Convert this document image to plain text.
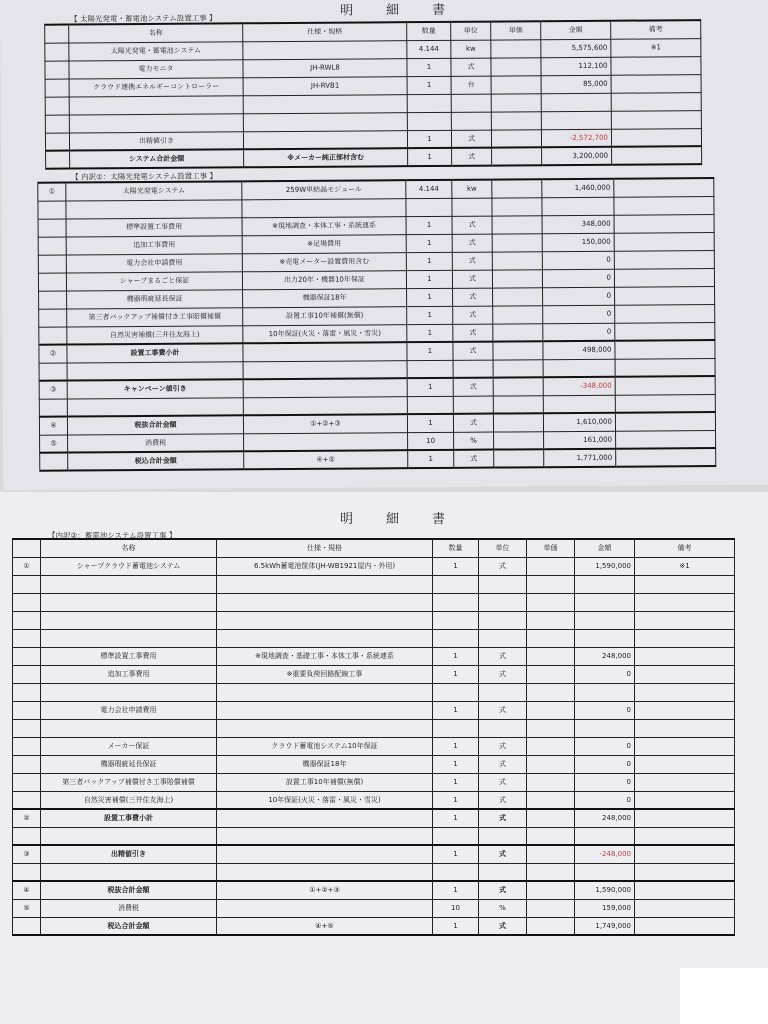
明　細　書
【 太陽光発電・蓄電池システム設置工事 】
	名称	仕様・規格	数量	単位	単価	金額	備考
	太陽光発電・蓄電池システム		4.144	kw		5,575,600	※1
	電力モニタ	JH-RWL8	1	式		112,100	
	クラウド連携エネルギーコントローラー	JH-RVB1	1	台		85,000	

	出精値引き		1	式		-2,572,700	
	システム合計金額	※メーカー純正部材含む	1	式		3,200,000	
【 内訳①：太陽光発電システム設置工事 】
①	太陽光発電システム	259W単結晶モジュール	4.144	kw		1,460,000	

	標準設置工事費用	※現地調査・本体工事・系統連系	1	式		348,000	
	追加工事費用	※足場費用	1	式		150,000	
	電力会社申請費用	※売電メーター設置費用含む	1	式		0	
	シャープまるごと保証	出力20年・機器10年保証	1	式		0	
	機器瑕疵延長保証	機器保証18年	1	式		0	
	第三者バックアップ補償付き工事賠償補償	設置工事10年補償(無償)	1	式		0	
	自然災害補償(三井住友海上)	10年保証(火災・落雷・風災・雪災)	1	式		0	
②	設置工事費小計		1	式		498,000	

③	キャンペーン値引き		1	式		-348,000	

④	税抜合計金額	①+②+③	1	式		1,610,000	
⑤	消費税		10	%		161,000	
	税込合計金額	④+⑤	1	式		1,771,000	
明　細　書
【内訳②：蓄電池システム設置工事 】
	名称	仕様・規格	数量	単位	単価	金額	備考
①	シャープクラウド蓄電池システム	6.5kWh蓄電池筐体(JH-WB1921屋内・外用)	1	式		1,590,000	※1

	標準設置工事費用	※現地調査・基礎工事・本体工事・系統連系	1	式		248,000	
	追加工事費用	※重要負荷回路配線工事	1	式		0	

	電力会社申請費用		1	式		0	

	メーカー保証	クラウド蓄電池システム10年保証	1	式		0	
	機器瑕疵延長保証	機器保証18年	1	式		0	
	第三者バックアップ補償付き工事賠償補償	設置工事10年補償(無償)	1	式		0	
	自然災害補償(三井住友海上)	10年保証(火災・落雷・風災・雪災)	1	式		0	
②	設置工事費小計		1	式		248,000	

③	出精値引き		1	式		-248,000	

④	税抜合計金額	①+②+③	1	式		1,590,000	
⑤	消費税		10	%		159,000	
	税込合計金額	④+⑤	1	式		1,749,000	
